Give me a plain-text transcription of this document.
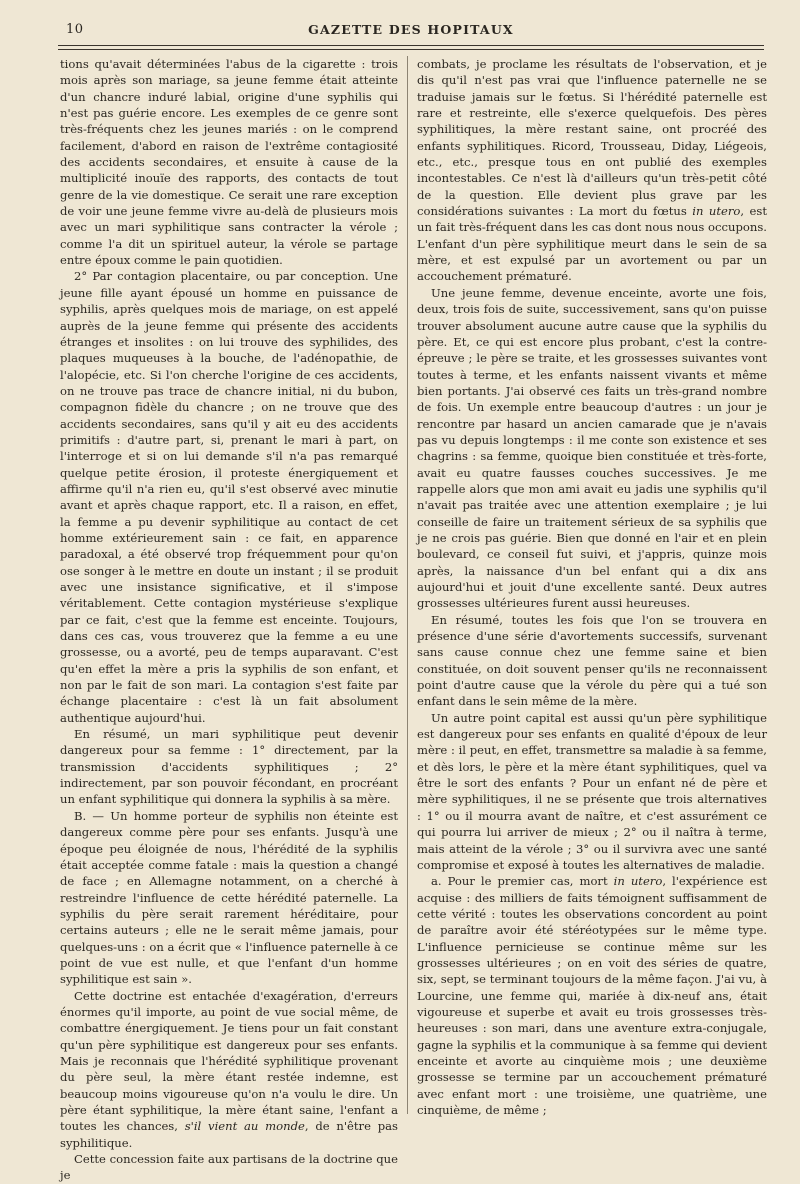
10	GAZETTE DES HOPITAUX

tions qu'avait déterminées l'abus de la cigarette : trois mois après son mariage, sa jeune femme était atteinte d'un chancre induré labial, origine d'une syphilis qui n'est pas guérie encore. Les exemples de ce genre sont très-fréquents chez les jeunes mariés : on le comprend facilement, d'abord en raison de l'extrême contagiosité des accidents secondaires, et ensuite à cause de la multiplicité inouïe des rapports, des contacts de tout genre de la vie domestique. Ce serait une rare exception de voir une jeune femme vivre au-delà de plusieurs mois avec un mari syphilitique sans contracter la vérole ; comme l'a dit un spirituel auteur, la vérole se partage entre époux comme le pain quotidien.

2° Par contagion placentaire, ou par conception. Une jeune fille ayant épousé un homme en puissance de syphilis, après quelques mois de mariage, on est appelé auprès de la jeune femme qui présente des accidents étranges et insolites : on lui trouve des syphilides, des plaques muqueuses à la bouche, de l'adénopathie, de l'alopécie, etc. Si l'on cherche l'origine de ces accidents, on ne trouve pas trace de chancre initial, ni du bubon, compagnon fidèle du chancre ; on ne trouve que des accidents secondaires, sans qu'il y ait eu des accidents primitifs : d'autre part, si, prenant le mari à part, on l'interroge et si on lui demande s'il n'a pas remarqué quelque petite érosion, il proteste énergiquement et affirme qu'il n'a rien eu, qu'il s'est observé avec minutie avant et après chaque rapport, etc. Il a raison, en effet, la femme a pu devenir syphilitique au contact de cet homme extérieurement sain : ce fait, en apparence paradoxal, a été observé trop fréquemment pour qu'on ose songer à le mettre en doute un instant ; il se produit avec une insistance significative, et il s'impose véritablement. Cette contagion mystérieuse s'explique par ce fait, c'est que la femme est enceinte. Toujours, dans ces cas, vous trouverez que la femme a eu une grossesse, ou a avorté, peu de temps auparavant. C'est qu'en effet la mère a pris la syphilis de son enfant, et non par le fait de son mari. La contagion s'est faite par échange placentaire : c'est là un fait absolument authentique aujourd'hui.

En résumé, un mari syphilitique peut devenir dangereux pour sa femme : 1° directement, par la transmission d'accidents syphilitiques ; 2° indirectement, par son pouvoir fécondant, en procréant un enfant syphilitique qui donnera la syphilis à sa mère.

B. — Un homme porteur de syphilis non éteinte est dangereux comme père pour ses enfants. Jusqu'à une époque peu éloignée de nous, l'hérédité de la syphilis était acceptée comme fatale : mais la question a changé de face ; en Allemagne notamment, on a cherché à restreindre l'influence de cette hérédité paternelle. La syphilis du père serait rarement héréditaire, pour certains auteurs ; elle ne le serait même jamais, pour quelques-uns : on a écrit que « l'influence paternelle à ce point de vue est nulle, et que l'enfant d'un homme syphilitique est sain ».

Cette doctrine est entachée d'exagération, d'erreurs énormes qu'il importe, au point de vue social même, de combattre énergiquement. Je tiens pour un fait constant qu'un père syphilitique est dangereux pour ses enfants. Mais je reconnais que l'hérédité syphilitique provenant du père seul, la mère étant restée indemne, est beaucoup moins vigoureuse qu'on n'a voulu le dire. Un père étant syphilitique, la mère étant saine, l'enfant a toutes les chances, s'il vient au monde, de n'être pas syphilitique.

Cette concession faite aux partisans de la doctrine que je

combats, je proclame les résultats de l'observation, et je dis qu'il n'est pas vrai que l'influence paternelle ne se traduise jamais sur le fœtus. Si l'hérédité paternelle est rare et restreinte, elle s'exerce quelquefois. Des pères syphilitiques, la mère restant saine, ont procréé des enfants syphilitiques. Ricord, Trousseau, Diday, Liégeois, etc., etc., presque tous en ont publié des exemples incontestables. Ce n'est là d'ailleurs qu'un très-petit côté de la question. Elle devient plus grave par les considérations suivantes : La mort du fœtus in utero, est un fait très-fréquent dans les cas dont nous nous occupons. L'enfant d'un père syphilitique meurt dans le sein de sa mère, et est expulsé par un avortement ou par un accouchement prématuré.

Une jeune femme, devenue enceinte, avorte une fois, deux, trois fois de suite, successivement, sans qu'on puisse trouver absolument aucune autre cause que la syphilis du père. Et, ce qui est encore plus probant, c'est la contre-épreuve ; le père se traite, et les grossesses suivantes vont toutes à terme, et les enfants naissent vivants et même bien portants. J'ai observé ces faits un très-grand nombre de fois. Un exemple entre beaucoup d'autres : un jour je rencontre par hasard un ancien camarade que je n'avais pas vu depuis longtemps : il me conte son existence et ses chagrins : sa femme, quoique bien constituée et très-forte, avait eu quatre fausses couches successives. Je me rappelle alors que mon ami avait eu jadis une syphilis qu'il n'avait pas traitée avec une attention exemplaire ; je lui conseille de faire un traitement sérieux de sa syphilis que je ne crois pas guérie. Bien que donné en l'air et en plein boulevard, ce conseil fut suivi, et j'appris, quinze mois après, la naissance d'un bel enfant qui a dix ans aujourd'hui et jouit d'une excellente santé. Deux autres grossesses ultérieures furent aussi heureuses.

En résumé, toutes les fois que l'on se trouvera en présence d'une série d'avortements successifs, survenant sans cause connue chez une femme saine et bien constituée, on doit souvent penser qu'ils ne reconnaissent point d'autre cause que la vérole du père qui a tué son enfant dans le sein même de la mère.

Un autre point capital est aussi qu'un père syphilitique est dangereux pour ses enfants en qualité d'époux de leur mère : il peut, en effet, transmettre sa maladie à sa femme, et dès lors, le père et la mère étant syphilitiques, quel va être le sort des enfants ? Pour un enfant né de père et mère syphilitiques, il ne se présente que trois alternatives : 1° ou il mourra avant de naître, et c'est assurément ce qui pourra lui arriver de mieux ; 2° ou il naîtra à terme, mais atteint de la vérole ; 3° ou il survivra avec une santé compromise et exposé à toutes les alternatives de maladie.

a. Pour le premier cas, mort in utero, l'expérience est acquise : des milliers de faits témoignent suffisamment de cette vérité : toutes les observations concordent au point de paraître avoir été stéréotypées sur le même type. L'influence pernicieuse se continue même sur les grossesses ultérieures ; on en voit des séries de quatre, six, sept, se terminant toujours de la même façon. J'ai vu, à Lourcine, une femme qui, mariée à dix-neuf ans, était vigoureuse et superbe et avait eu trois grossesses très-heureuses : son mari, dans une aventure extra-conjugale, gagne la syphilis et la communique à sa femme qui devient enceinte et avorte au cinquième mois ; une deuxième grossesse se termine par un accouchement prématuré avec enfant mort : une troisième, une quatrième, une cinquième, de même ;
